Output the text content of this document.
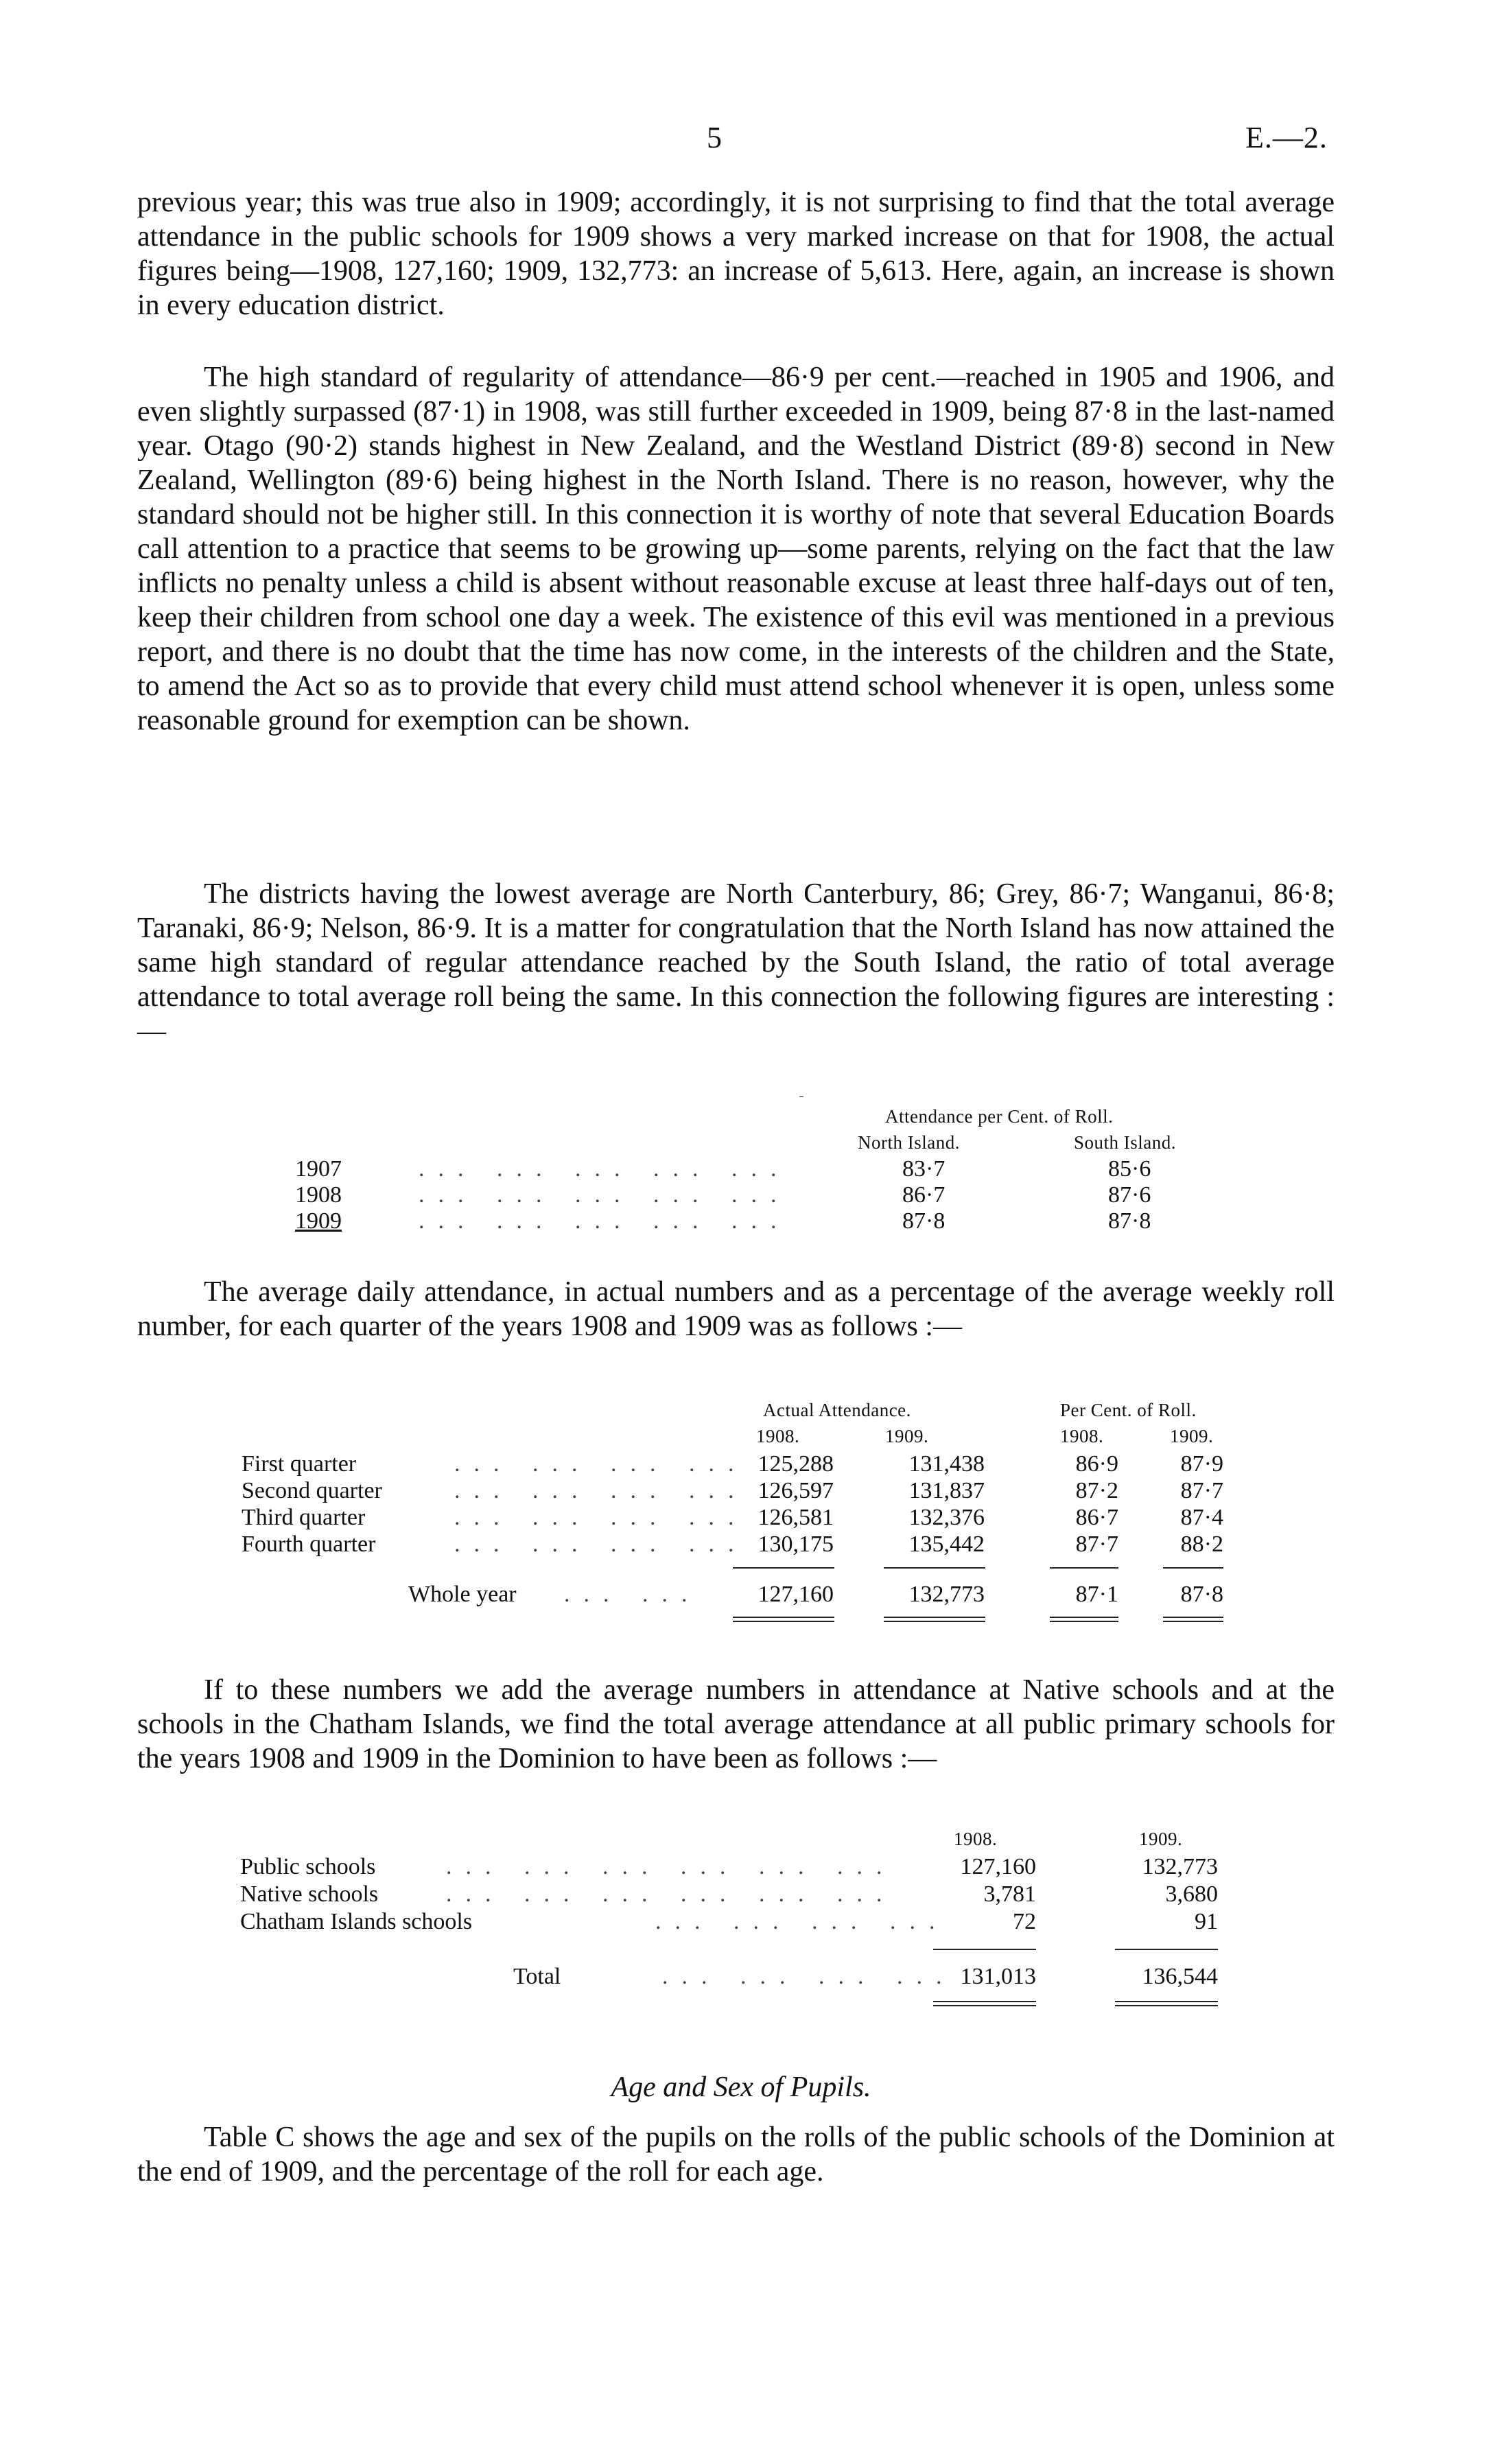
5	E.—2.

previous year; this was true also in 1909; accordingly, it is not surprising to find that the total average attendance in the public schools for 1909 shows a very marked increase on that for 1908, the actual figures being—1908, 127,160; 1909, 132,773: an increase of 5,613. Here, again, an increase is shown in every education district.

The high standard of regularity of attendance—86·9 per cent.—reached in 1905 and 1906, and even slightly surpassed (87·1) in 1908, was still further exceeded in 1909, being 87·8 in the last-named year. Otago (90·2) stands highest in New Zealand, and the Westland District (89·8) second in New Zealand, Wellington (89·6) being highest in the North Island. There is no reason, however, why the standard should not be higher still. In this connection it is worthy of note that several Education Boards call attention to a practice that seems to be growing up—some parents, relying on the fact that the law inflicts no penalty unless a child is absent without reasonable excuse at least three half-days out of ten, keep their children from school one day a week. The existence of this evil was mentioned in a previous report, and there is no doubt that the time has now come, in the interests of the children and the State, to amend the Act so as to provide that every child must attend school whenever it is open, unless some reasonable ground for exemption can be shown.

The districts having the lowest average are North Canterbury, 86; Grey, 86·7; Wanganui, 86·8; Taranaki, 86·9; Nelson, 86·9. It is a matter for congratulation that the North Island has now attained the same high standard of regular attendance reached by the South Island, the ratio of total average attendance to total average roll being the same. In this connection the following figures are interesting :—

Attendance per Cent. of Roll.
North Island.	South Island.
1907	... ... ... ... ...	83·7	85·6
1908	... ... ... ... ...	86·7	87·6
1909	... ... ... ... ...	87·8	87·8

The average daily attendance, in actual numbers and as a percentage of the average weekly roll number, for each quarter of the years 1908 and 1909 was as follows :—

Actual Attendance.	Per Cent. of Roll.
1908.	1909.	1908.	1909.
First quarter	... ... ... ... 125,288	131,438	86·9	87·9
Second quarter	... ... ... ... 126,597	131,837	87·2	87·7
Third quarter	... ... ... ... 126,581	132,376	86·7	87·4
Fourth quarter	... ... ... ... 130,175	135,442	87·7	88·2
Whole year ... ...	127,160	132,773	87·1	87·8

If to these numbers we add the average numbers in attendance at Native schools and at the schools in the Chatham Islands, we find the total average attendance at all public primary schools for the years 1908 and 1909 in the Dominion to have been as follows :—

1908.	1909.
Public schools	... ... ... ... ... ...	127,160	132,773
Native schools	... ... ... ... ... ...	3,781	3,680
Chatham Islands schools	... ... ... ...	72	91
Total	... ... ... ... 131,013	136,544
Age and Sex of Pupils.

Table C shows the age and sex of the pupils on the rolls of the public schools of the Dominion at the end of 1909, and the percentage of the roll for each age.
